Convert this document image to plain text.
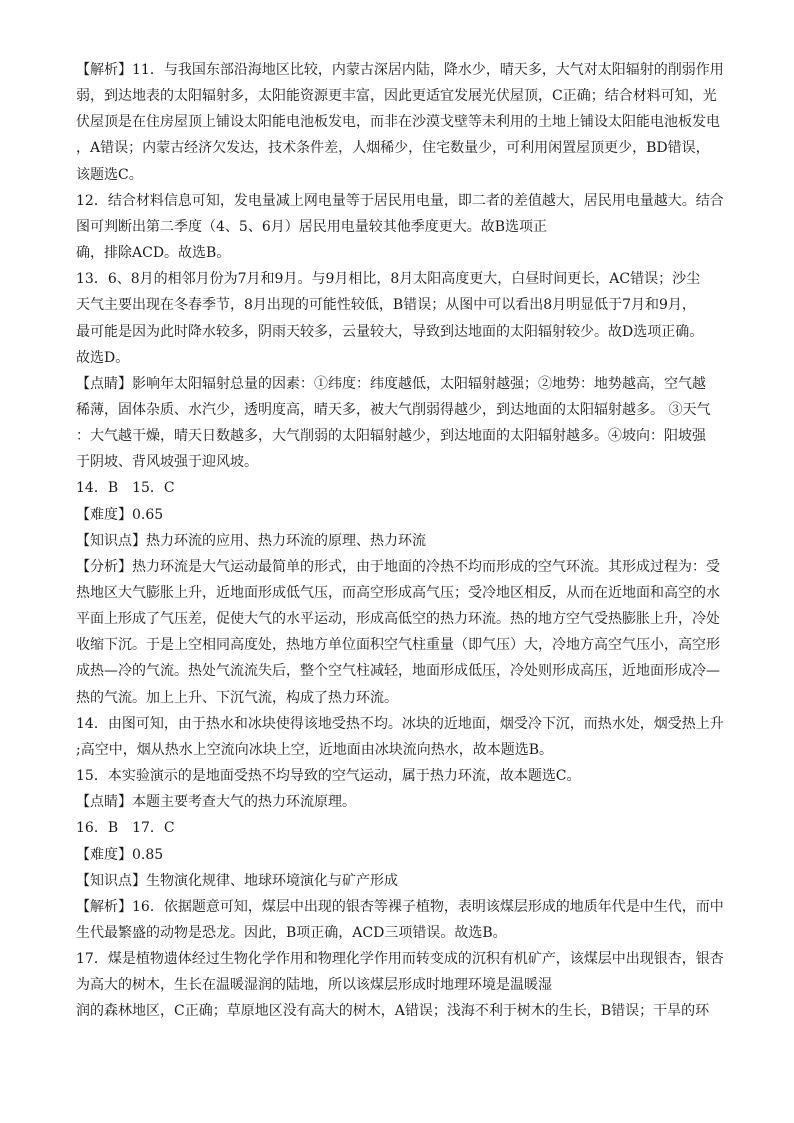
【解析】11．与我国东部沿海地区比较，内蒙古深居内陆，降水少，晴天多，大气对太阳辐射的削弱作用
弱，到达地表的太阳辐射多，太阳能资源更丰富，因此更适宜发展光伏屋顶，C正确；结合材料可知，光
伏屋顶是在住房屋顶上铺设太阳能电池板发电，而非在沙漠戈壁等未利用的土地上铺设太阳能电池板发电
，A错误；内蒙古经济欠发达，技术条件差，人烟稀少，住宅数量少，可利用闲置屋顶更少，BD错误，
该题选C。
12．结合材料信息可知，发电量减上网电量等于居民用电量，即二者的差值越大，居民用电量越大。结合
图可判断出第二季度（4、5、6月）居民用电量较其他季度更大。故B选项正
确，排除ACD。故选B。
13．6、8月的相邻月份为7月和9月。与9月相比，8月太阳高度更大，白昼时间更长，AC错误；沙尘
天气主要出现在冬春季节，8月出现的可能性较低，B错误；从图中可以看出8月明显低于7月和9月，
最可能是因为此时降水较多，阴雨天较多，云量较大，导致到达地面的太阳辐射较少。故D选项正确。
故选D。
【点睛】影响年太阳辐射总量的因素：①纬度：纬度越低，太阳辐射越强；②地势：地势越高，空气越
稀薄，固体杂质、水汽少，透明度高，晴天多，被大气削弱得越少，到达地面的太阳辐射越多。 ③天气
：大气越干燥，晴天日数越多，大气削弱的太阳辐射越少，到达地面的太阳辐射越多。④坡向：阳坡强
于阴坡、背风坡强于迎风坡。
14．B　15．C
【难度】0.65
【知识点】热力环流的应用、热力环流的原理、热力环流
【分析】热力环流是大气运动最简单的形式，由于地面的冷热不均而形成的空气环流。其形成过程为：受
热地区大气膨胀上升，近地面形成低气压，而高空形成高气压；受冷地区相反，从而在近地面和高空的水
平面上形成了气压差，促使大气的水平运动，形成高低空的热力环流。热的地方空气受热膨胀上升，冷处
收缩下沉。于是上空相同高度处，热地方单位面积空气柱重量（即气压）大，冷地方高空气压小，高空形
成热—冷的气流。热处气流流失后，整个空气柱减轻，地面形成低压，冷处则形成高压，近地面形成冷—
热的气流。加上上升、下沉气流，构成了热力环流。
14．由图可知，由于热水和冰块使得该地受热不均。冰块的近地面，烟受冷下沉，而热水处，烟受热上升
;高空中，烟从热水上空流向冰块上空，近地面由冰块流向热水，故本题选B。
15．本实验演示的是地面受热不均导致的空气运动，属于热力环流，故本题选C。
【点睛】本题主要考查大气的热力环流原理。
16．B　17．C
【难度】0.85
【知识点】生物演化规律、地球环境演化与矿产形成
【解析】16．依据题意可知，煤层中出现的银杏等裸子植物，表明该煤层形成的地质年代是中生代，而中
生代最繁盛的动物是恐龙。因此，B项正确，ACD三项错误。故选B。
17．煤是植物遗体经过生物化学作用和物理化学作用而转变成的沉积有机矿产，该煤层中出现银杏，银杏
为高大的树木，生长在温暖湿润的陆地，所以该煤层形成时地理环境是温暖湿
润的森林地区，C正确；草原地区没有高大的树木，A错误；浅海不利于树木的生长，B错误；干旱的环
